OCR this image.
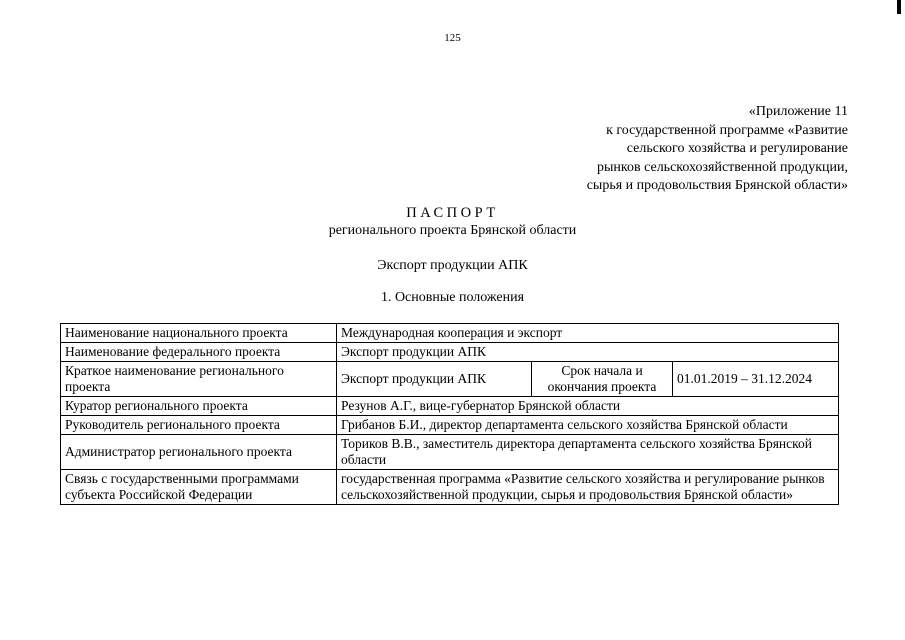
125
«Приложение 11
к государственной программе «Развитие
сельского хозяйства и регулирование
рынков сельскохозяйственной продукции,
сырья и продовольствия Брянской области»
ПАСПОРТ
регионального проекта Брянской области
Экспорт продукции АПК
1. Основные положения
Наименование национального проекта	Международная кооперация и экспорт		
Наименование федерального проекта	Экспорт продукции АПК		
Краткое наименование регионального проекта	Экспорт продукции АПК	Срок начала и окончания проекта	01.01.2019 – 31.12.2024
Куратор регионального проекта	Резунов А.Г., вице-губернатор Брянской области		
Руководитель регионального проекта	Грибанов Б.И., директор департамента сельского хозяйства Брянской области		
Администратор регионального проекта	Ториков В.В., заместитель директора департамента сельского хозяйства Брянской области		
Связь с государственными программами субъекта Российской Федерации	государственная программа «Развитие сельского хозяйства и регулирование рынков сельскохозяйственной продукции, сырья и продовольствия Брянской области»		
